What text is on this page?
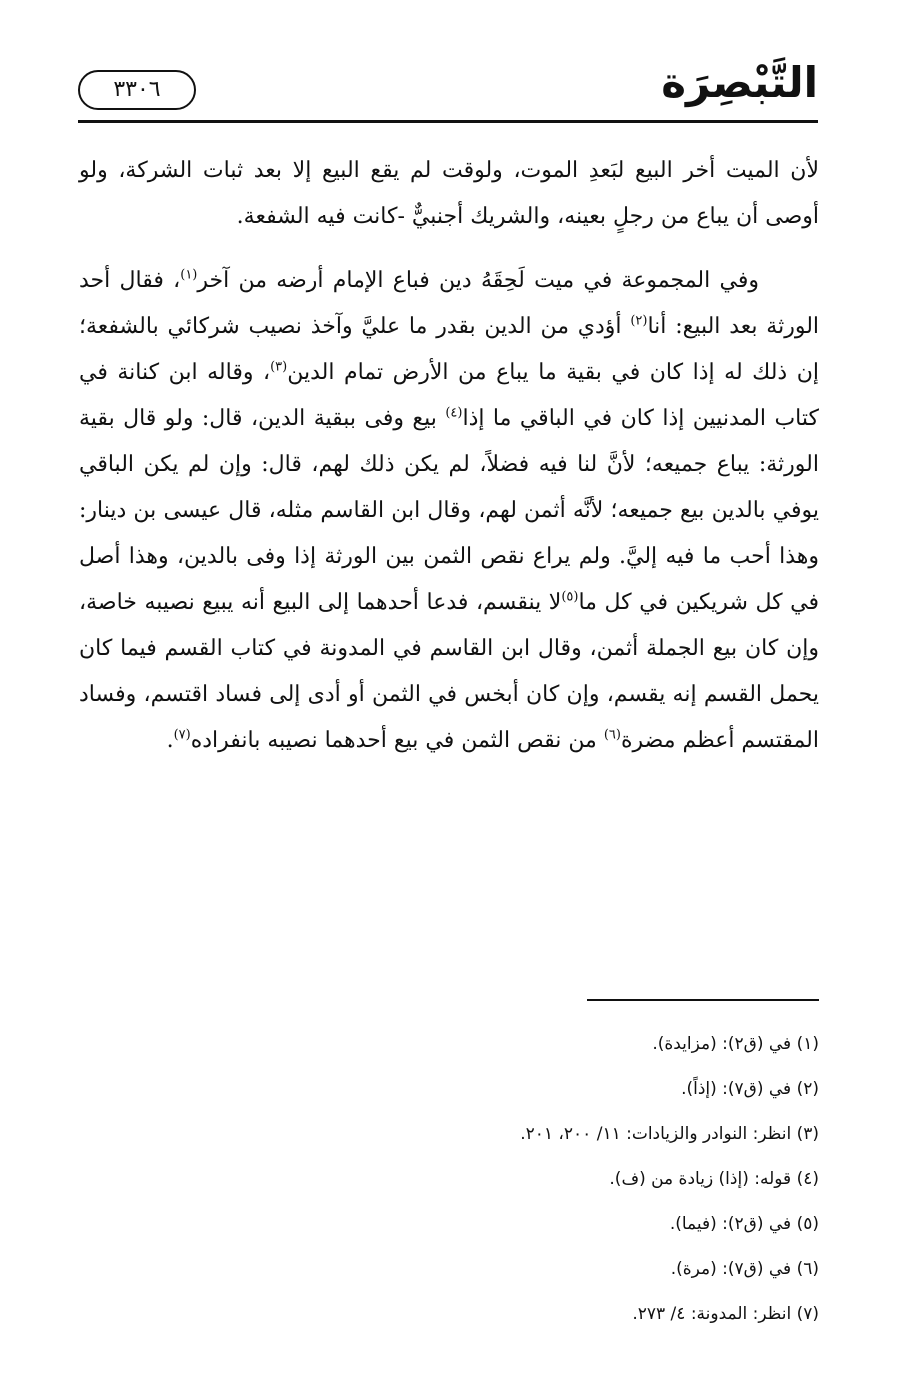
التَّبْصِرَة
٣٣٠٦

لأن الميت أخر البيع لبَعدِ الموت، ولوقت لم يقع البيع إلا بعد ثبات الشركة، ولو أوصى أن يباع من رجلٍ بعينه، والشريك أجنبيٌّ -كانت فيه الشفعة.

وفي المجموعة في ميت لَحِقَهُ دين فباع الإمام أرضه من آخر$^{(١)}$، فقال أحد الورثة بعد البيع: أنا$^{(٢)}$ أؤدي من الدين بقدر ما عليَّ وآخذ نصيب شركائي بالشفعة؛ إن ذلك له إذا كان في بقية ما يباع من الأرض تمام الدين$^{(٣)}$، وقاله ابن كنانة في كتاب المدنيين إذا كان في الباقي ما إذا$^{(٤)}$ بيع وفى ببقية الدين، قال: ولو قال بقية الورثة: يباع جميعه؛ لأنَّ لنا فيه فضلاً، لم يكن ذلك لهم، قال: وإن لم يكن الباقي يوفي بالدين بيع جميعه؛ لأنَّه أثمن لهم، وقال ابن القاسم مثله، قال عيسى بن دينار: وهذا أحب ما فيه إليَّ. ولم يراع نقص الثمن بين الورثة إذا وفى بالدين، وهذا أصل في كل شريكين في كل ما$^{(٥)}$لا ينقسم، فدعا أحدهما إلى البيع أنه يبيع نصيبه خاصة، وإن كان بيع الجملة أثمن، وقال ابن القاسم في المدونة في كتاب القسم فيما كان يحمل القسم إنه يقسم، وإن كان أبخس في الثمن أو أدى إلى فساد اقتسم، وفساد المقتسم أعظم مضرة$^{(٦)}$ من نقص الثمن في بيع أحدهما نصيبه بانفراده$^{(٧)}$.

(١) في (ق٢): (مزايدة).
(٢) في (ق٧): (إذاً).
(٣) انظر: النوادر والزيادات: ١١/ ٢٠٠، ٢٠١.
(٤) قوله: (إذا) زيادة من (ف).
(٥) في (ق٢): (فيما).
(٦) في (ق٧): (مرة).
(٧) انظر: المدونة: ٤/ ٢٧٣.
